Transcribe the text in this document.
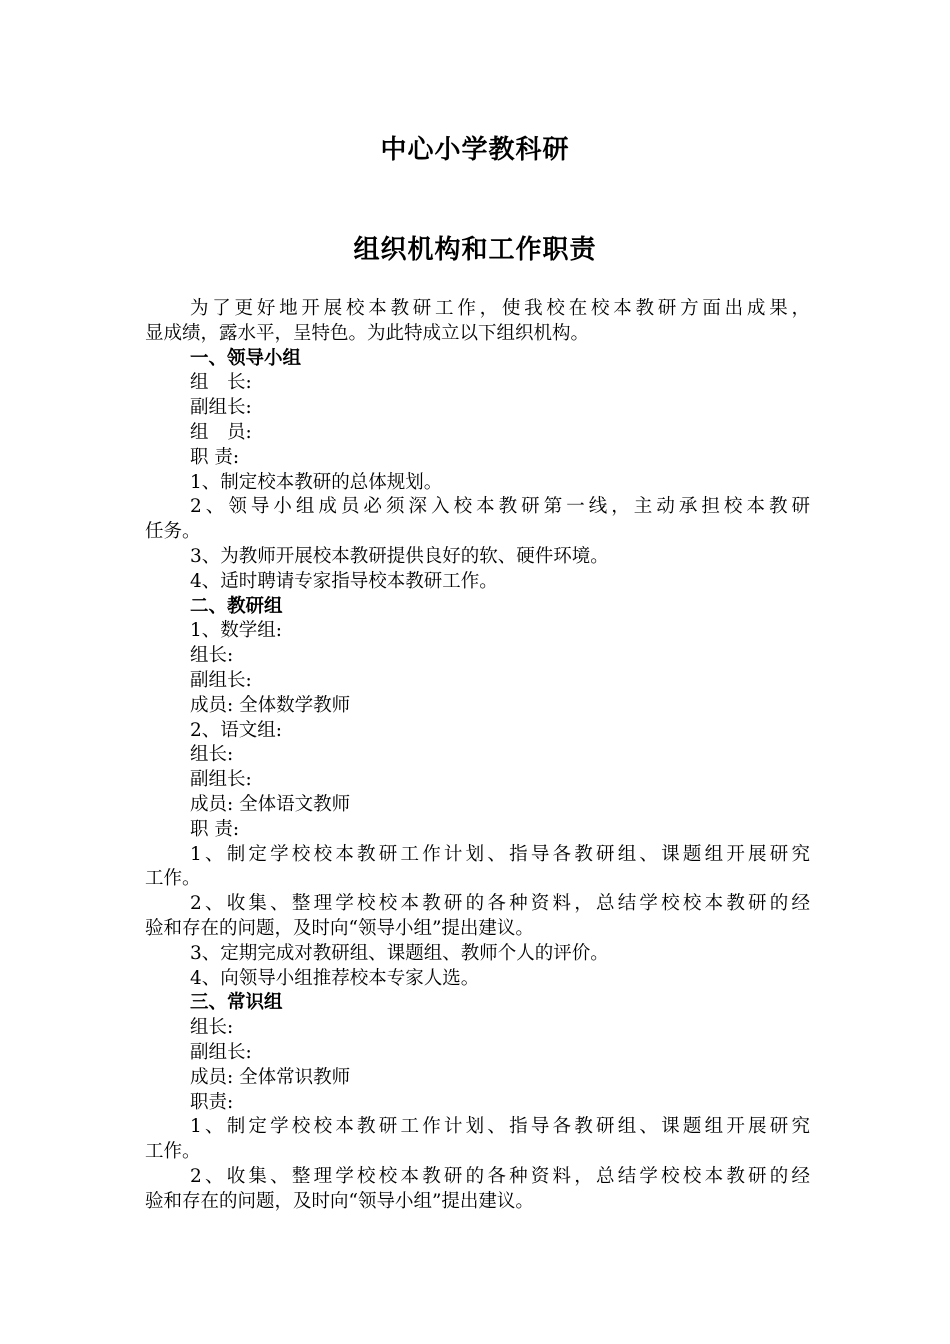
中心小学教科研
组织机构和工作职责
为了更好地开展校本教研工作，使我校在校本教研方面出成果，
显成绩，露水平，呈特色。为此特成立以下组织机构。
一、领导小组
组　长:
副组长:
组　员:
职 责:
1、制定校本教研的总体规划。
2、领导小组成员必须深入校本教研第一线，主动承担校本教研
任务。
3、为教师开展校本教研提供良好的软、硬件环境。
4、适时聘请专家指导校本教研工作。
二、教研组
1、数学组:
组长:
副组长:
成员: 全体数学教师
2、语文组:
组长:
副组长:
成员: 全体语文教师
职 责:
1、制定学校校本教研工作计划、指导各教研组、课题组开展研究
工作。
2、收集、整理学校校本教研的各种资料，总结学校校本教研的经
验和存在的问题，及时向“领导小组”提出建议。
3、定期完成对教研组、课题组、教师个人的评价。
4、向领导小组推荐校本专家人选。
三、常识组
组长:
副组长:
成员: 全体常识教师
职责:
1、制定学校校本教研工作计划、指导各教研组、课题组开展研究
工作。
2、收集、整理学校校本教研的各种资料，总结学校校本教研的经
验和存在的问题，及时向“领导小组”提出建议。
